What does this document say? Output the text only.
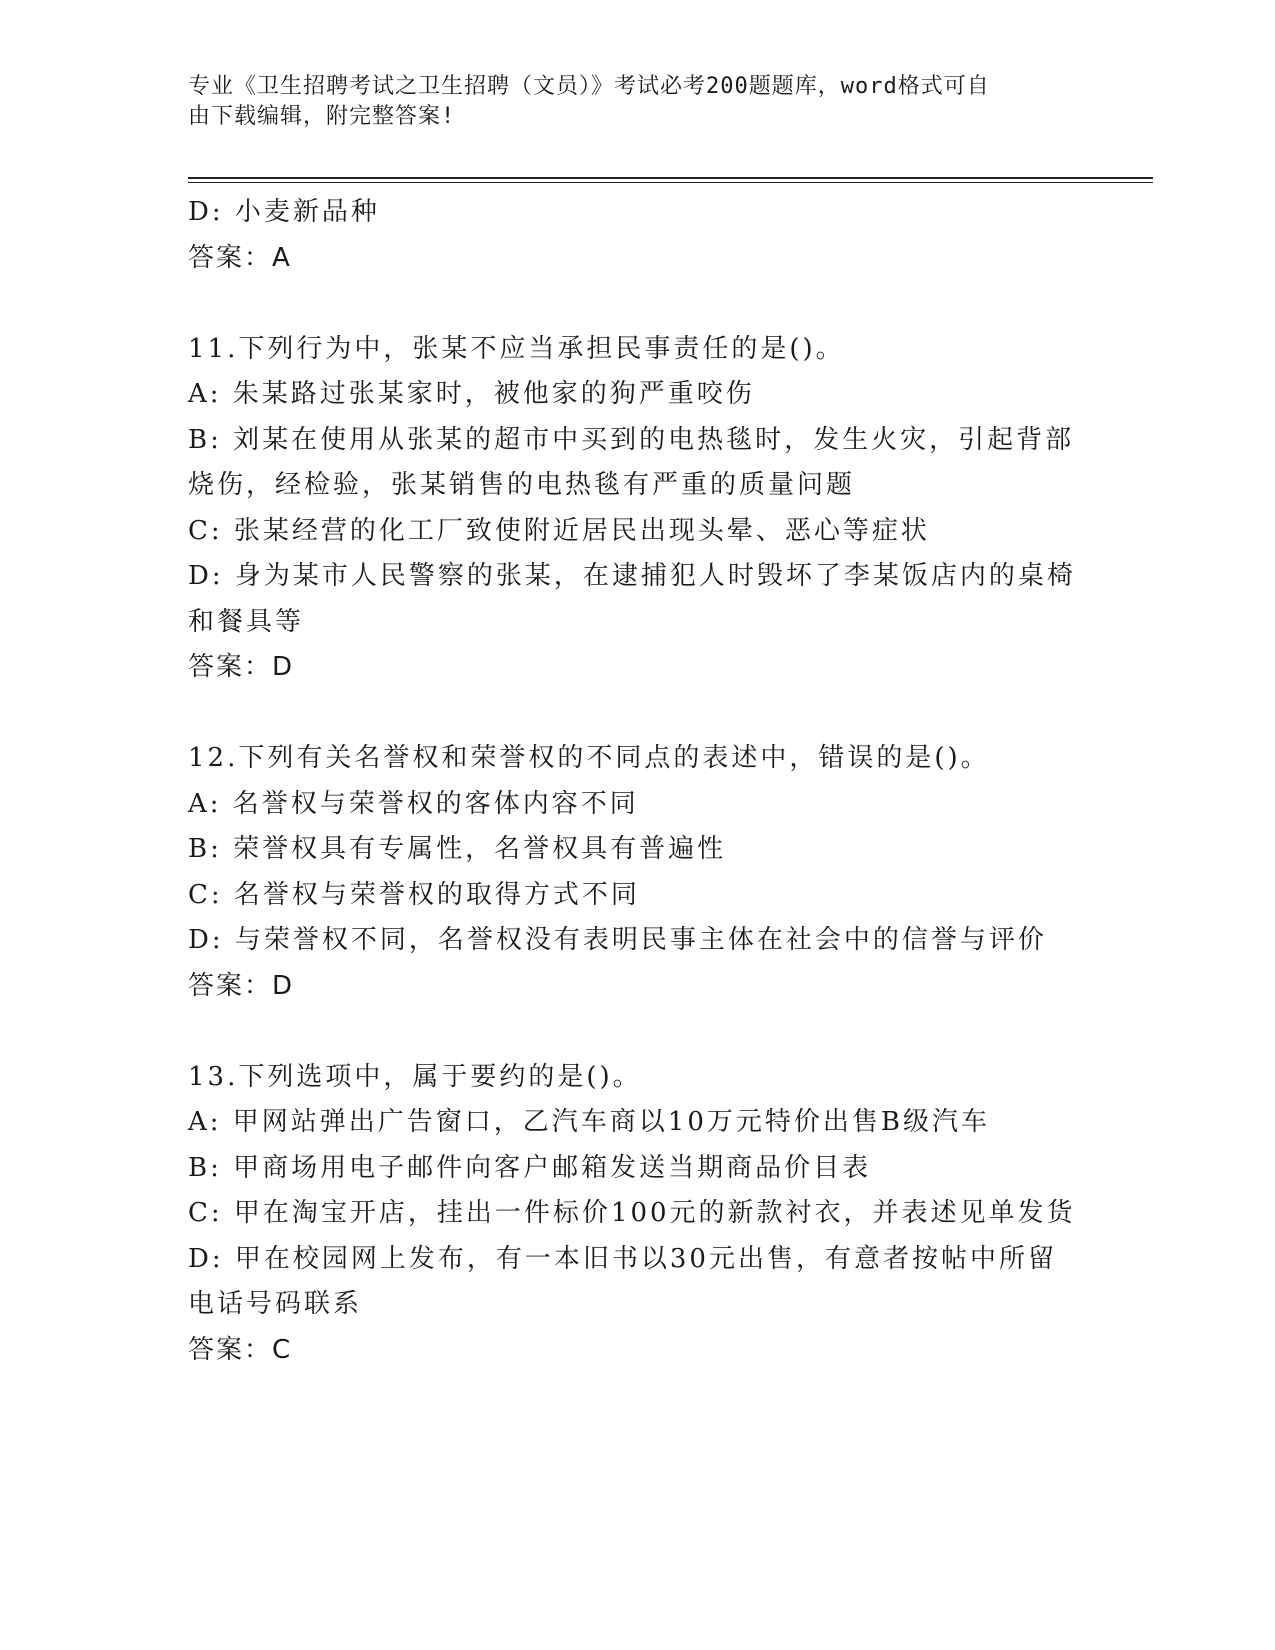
专业《卫生招聘考试之卫生招聘（文员）》考试必考200题题库，word格式可自
由下载编辑，附完整答案!
D: 小麦新品种
答案：A
11.下列行为中，张某不应当承担民事责任的是()。
A: 朱某路过张某家时，被他家的狗严重咬伤
B: 刘某在使用从张某的超市中买到的电热毯时，发生火灾，引起背部
烧伤，经检验，张某销售的电热毯有严重的质量问题
C: 张某经营的化工厂致使附近居民出现头晕、恶心等症状
D: 身为某市人民警察的张某，在逮捕犯人时毁坏了李某饭店内的桌椅
和餐具等
答案：D
12.下列有关名誉权和荣誉权的不同点的表述中，错误的是()。
A: 名誉权与荣誉权的客体内容不同
B: 荣誉权具有专属性，名誉权具有普遍性
C: 名誉权与荣誉权的取得方式不同
D: 与荣誉权不同，名誉权没有表明民事主体在社会中的信誉与评价
答案：D
13.下列选项中，属于要约的是()。
A: 甲网站弹出广告窗口，乙汽车商以10万元特价出售B级汽车
B: 甲商场用电子邮件向客户邮箱发送当期商品价目表
C: 甲在淘宝开店，挂出一件标价100元的新款衬衣，并表述见单发货
D: 甲在校园网上发布，有一本旧书以30元出售，有意者按帖中所留
电话号码联系
答案：C
